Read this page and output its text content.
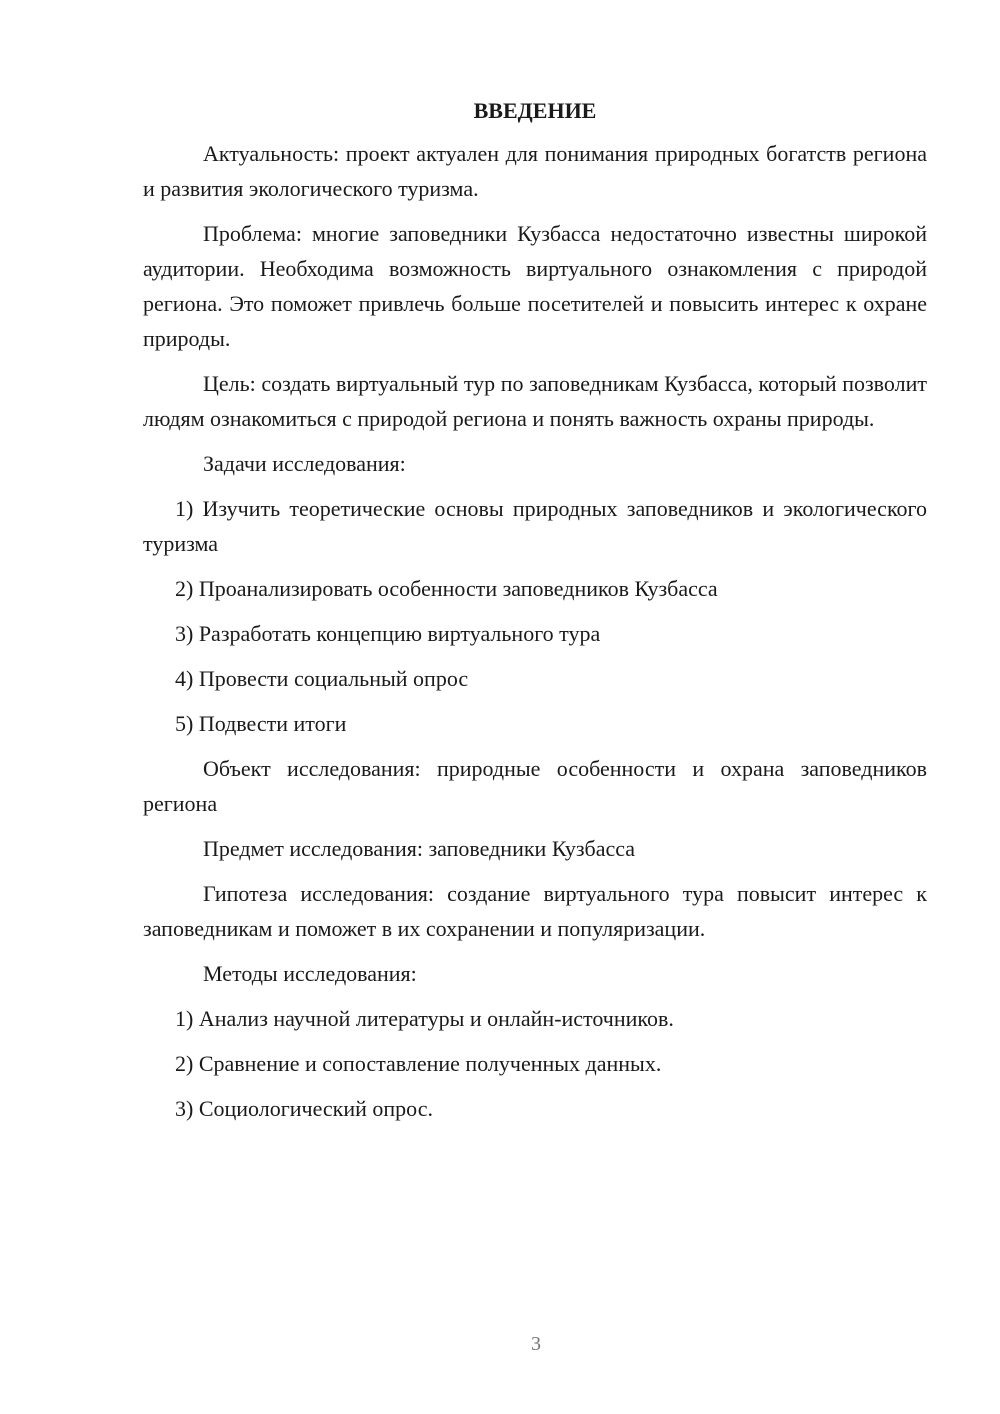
ВВЕДЕНИЕ
Актуальность: проект актуален для понимания природных богатств региона и развития экологического туризма.
Проблема: многие заповедники Кузбасса недостаточно известны широкой аудитории. Необходима возможность виртуального ознакомления с природой региона. Это поможет привлечь больше посетителей и повысить интерес к охране природы.
Цель: создать виртуальный тур по заповедникам Кузбасса, который позволит людям ознакомиться с природой региона и понять важность охраны природы.
Задачи исследования:
1) Изучить теоретические основы природных заповедников и экологического туризма
2) Проанализировать особенности заповедников Кузбасса
3) Разработать концепцию виртуального тура
4) Провести социальный опрос
5) Подвести итоги
Объект исследования: природные особенности и охрана заповедников региона
Предмет исследования: заповедники Кузбасса
Гипотеза исследования: создание виртуального тура повысит интерес к заповедникам и поможет в их сохранении и популяризации.
Методы исследования:
1) Анализ научной литературы и онлайн-источников.
2) Сравнение и сопоставление полученных данных.
3) Социологический опрос.
3
